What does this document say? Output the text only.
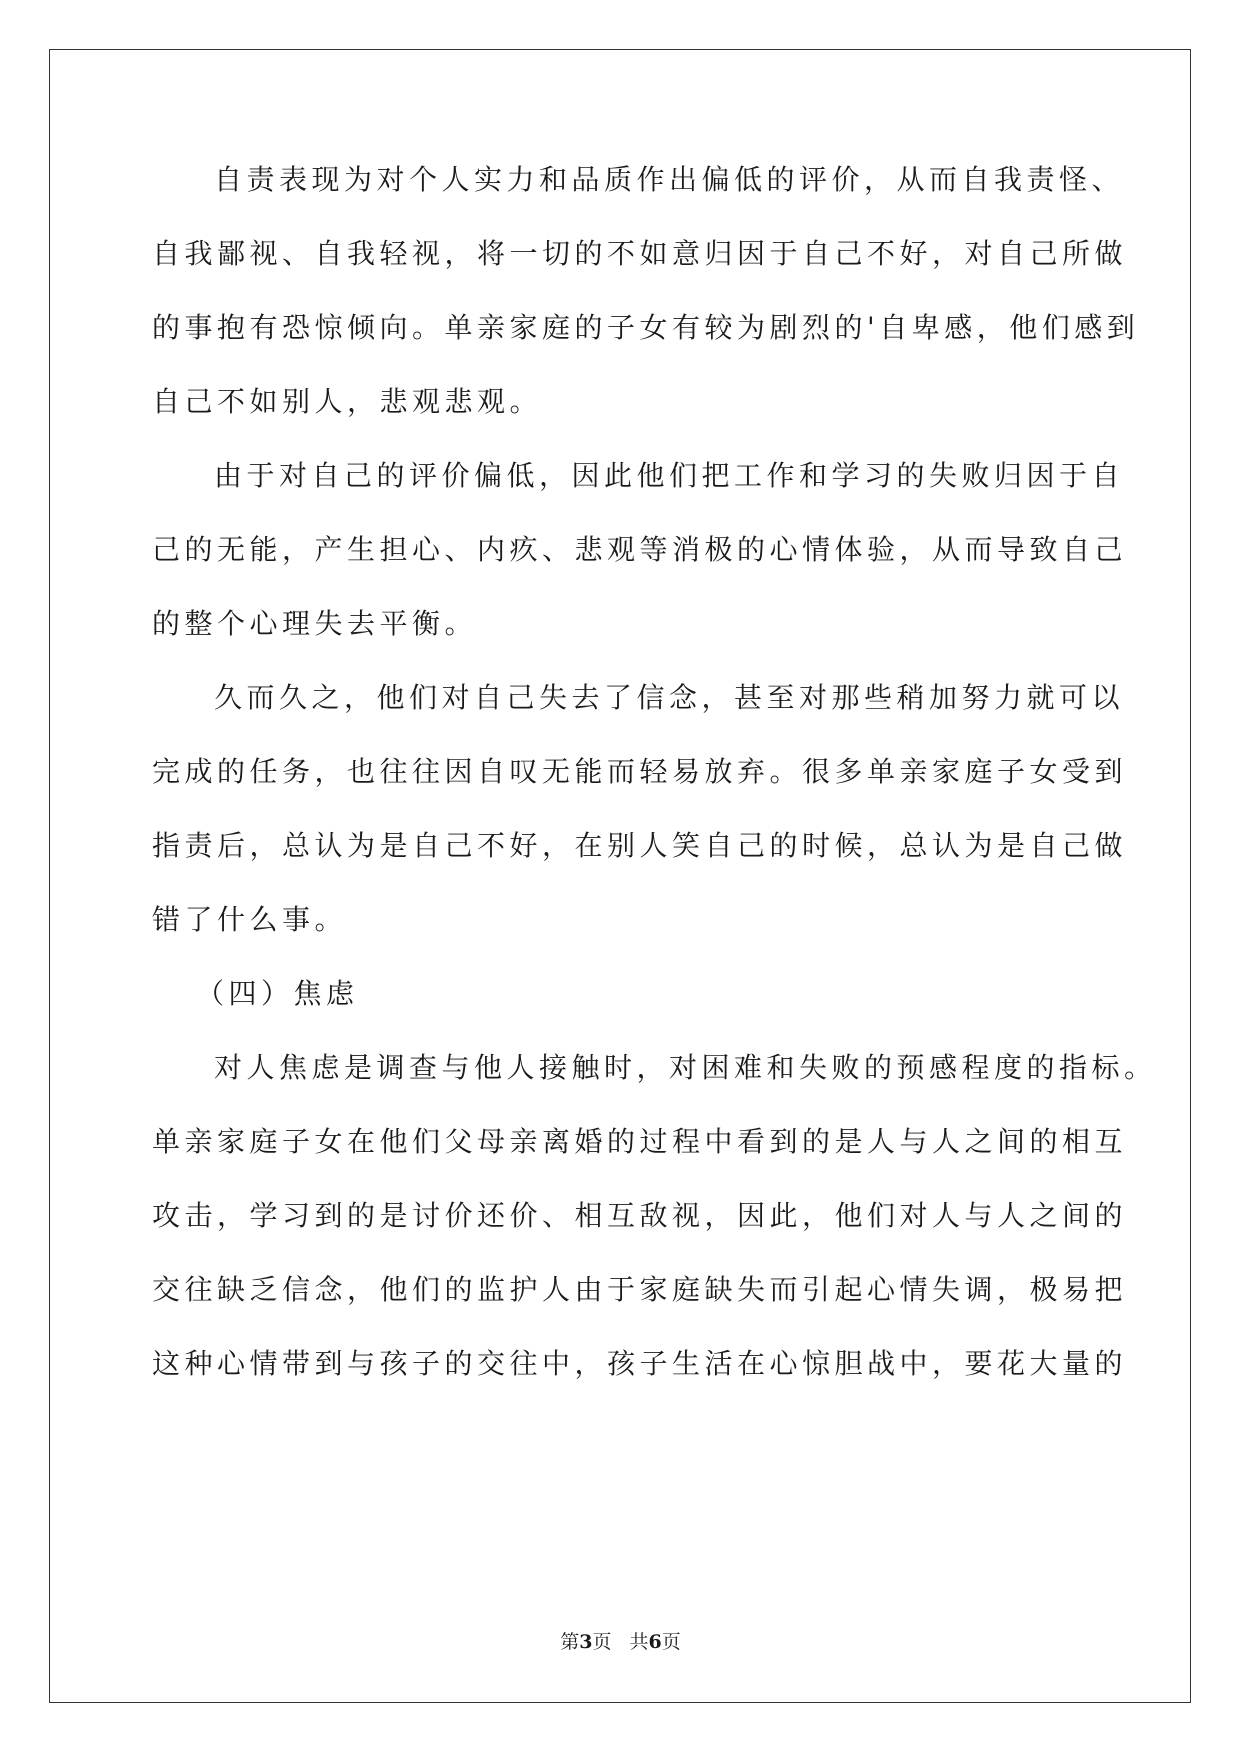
自责表现为对个人实力和品质作出偏低的评价，从而自我责怪、
自我鄙视、自我轻视，将一切的不如意归因于自己不好，对自己所做
的事抱有恐惊倾向。单亲家庭的子女有较为剧烈的'自卑感，他们感到
自己不如别人，悲观悲观。
由于对自己的评价偏低，因此他们把工作和学习的失败归因于自
己的无能，产生担心、内疚、悲观等消极的心情体验，从而导致自己
的整个心理失去平衡。
久而久之，他们对自己失去了信念，甚至对那些稍加努力就可以
完成的任务，也往往因自叹无能而轻易放弃。很多单亲家庭子女受到
指责后，总认为是自己不好，在别人笑自己的时候，总认为是自己做
错了什么事。
（四）焦虑
对人焦虑是调查与他人接触时，对困难和失败的预感程度的指标。
单亲家庭子女在他们父母亲离婚的过程中看到的是人与人之间的相互
攻击，学习到的是讨价还价、相互敌视，因此，他们对人与人之间的
交往缺乏信念，他们的监护人由于家庭缺失而引起心情失调，极易把
这种心情带到与孩子的交往中，孩子生活在心惊胆战中，要花大量的
第3页 共6页
